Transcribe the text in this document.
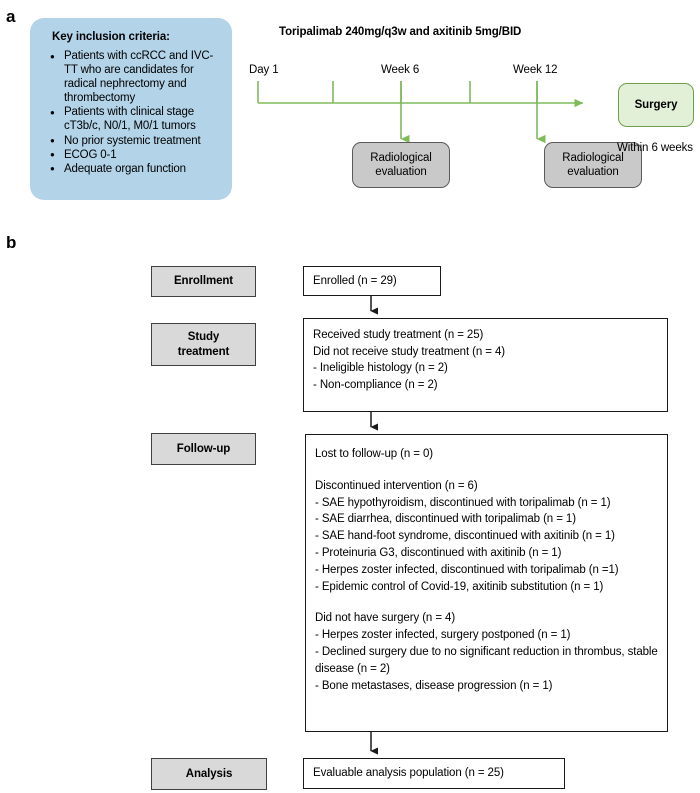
a
Key inclusion criteria:
● Patients with ccRCC and IVC-TT who are candidates for radical nephrectomy and thrombectomy
● Patients with clinical stage cT3b/c, N0/1, M0/1 tumors
● No prior systemic treatment
● ECOG 0-1
● Adequate organ function
Toripalimab 240mg/q3w and axitinib 5mg/BID
Day 1	Week 6	Week 12
Radiological
evaluation
Radiological
evaluation
Surgery
Within 6 weeks
b
Enrollment
Study
treatment
Follow-up
Analysis
Enrolled (n = 29)
Received study treatment (n = 25)
Did not receive study treatment (n = 4)
- Ineligible histology (n = 2)
- Non-compliance (n = 2)
Lost to follow-up (n = 0)
Discontinued intervention (n = 6)
- SAE hypothyroidism, discontinued with toripalimab (n = 1)
- SAE diarrhea, discontinued with toripalimab (n = 1)
- SAE hand-foot syndrome, discontinued with axitinib (n = 1)
- Proteinuria G3, discontinued with axitinib (n = 1)
- Herpes zoster infected, discontinued with toripalimab (n =1)
- Epidemic control of Covid-19, axitinib substitution (n = 1)
Did not have surgery (n = 4)
- Herpes zoster infected, surgery postponed (n = 1)
- Declined surgery due to no significant reduction in thrombus, stable disease (n = 2)
- Bone metastases, disease progression (n = 1)
Evaluable analysis population (n = 25)
